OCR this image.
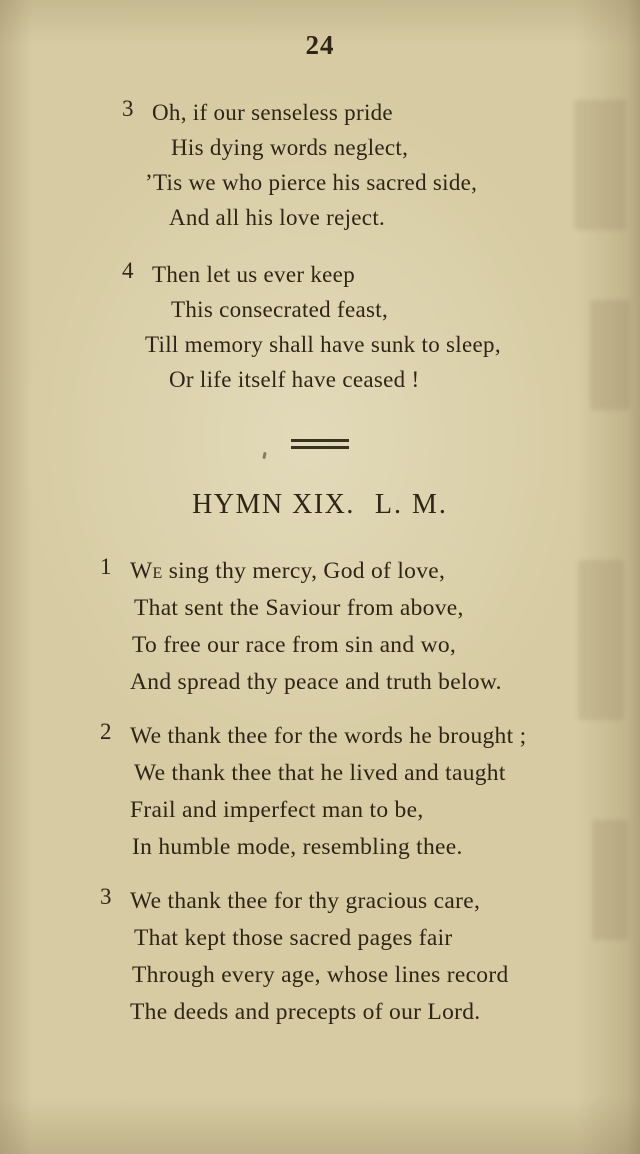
24
3 Oh, if our senseless pride
His dying words neglect,
’Tis we who pierce his sacred side,
And all his love reject.
4 Then let us ever keep
This consecrated feast,
Till memory shall have sunk to sleep,
Or life itself have ceased !
HYMN XIX. L. M.
1 We sing thy mercy, God of love,
That sent the Saviour from above,
To free our race from sin and wo,
And spread thy peace and truth below.
2 We thank thee for the words he brought ;
We thank thee that he lived and taught
Frail and imperfect man to be,
In humble mode, resembling thee.
3 We thank thee for thy gracious care,
That kept those sacred pages fair
Through every age, whose lines record
The deeds and precepts of our Lord.
